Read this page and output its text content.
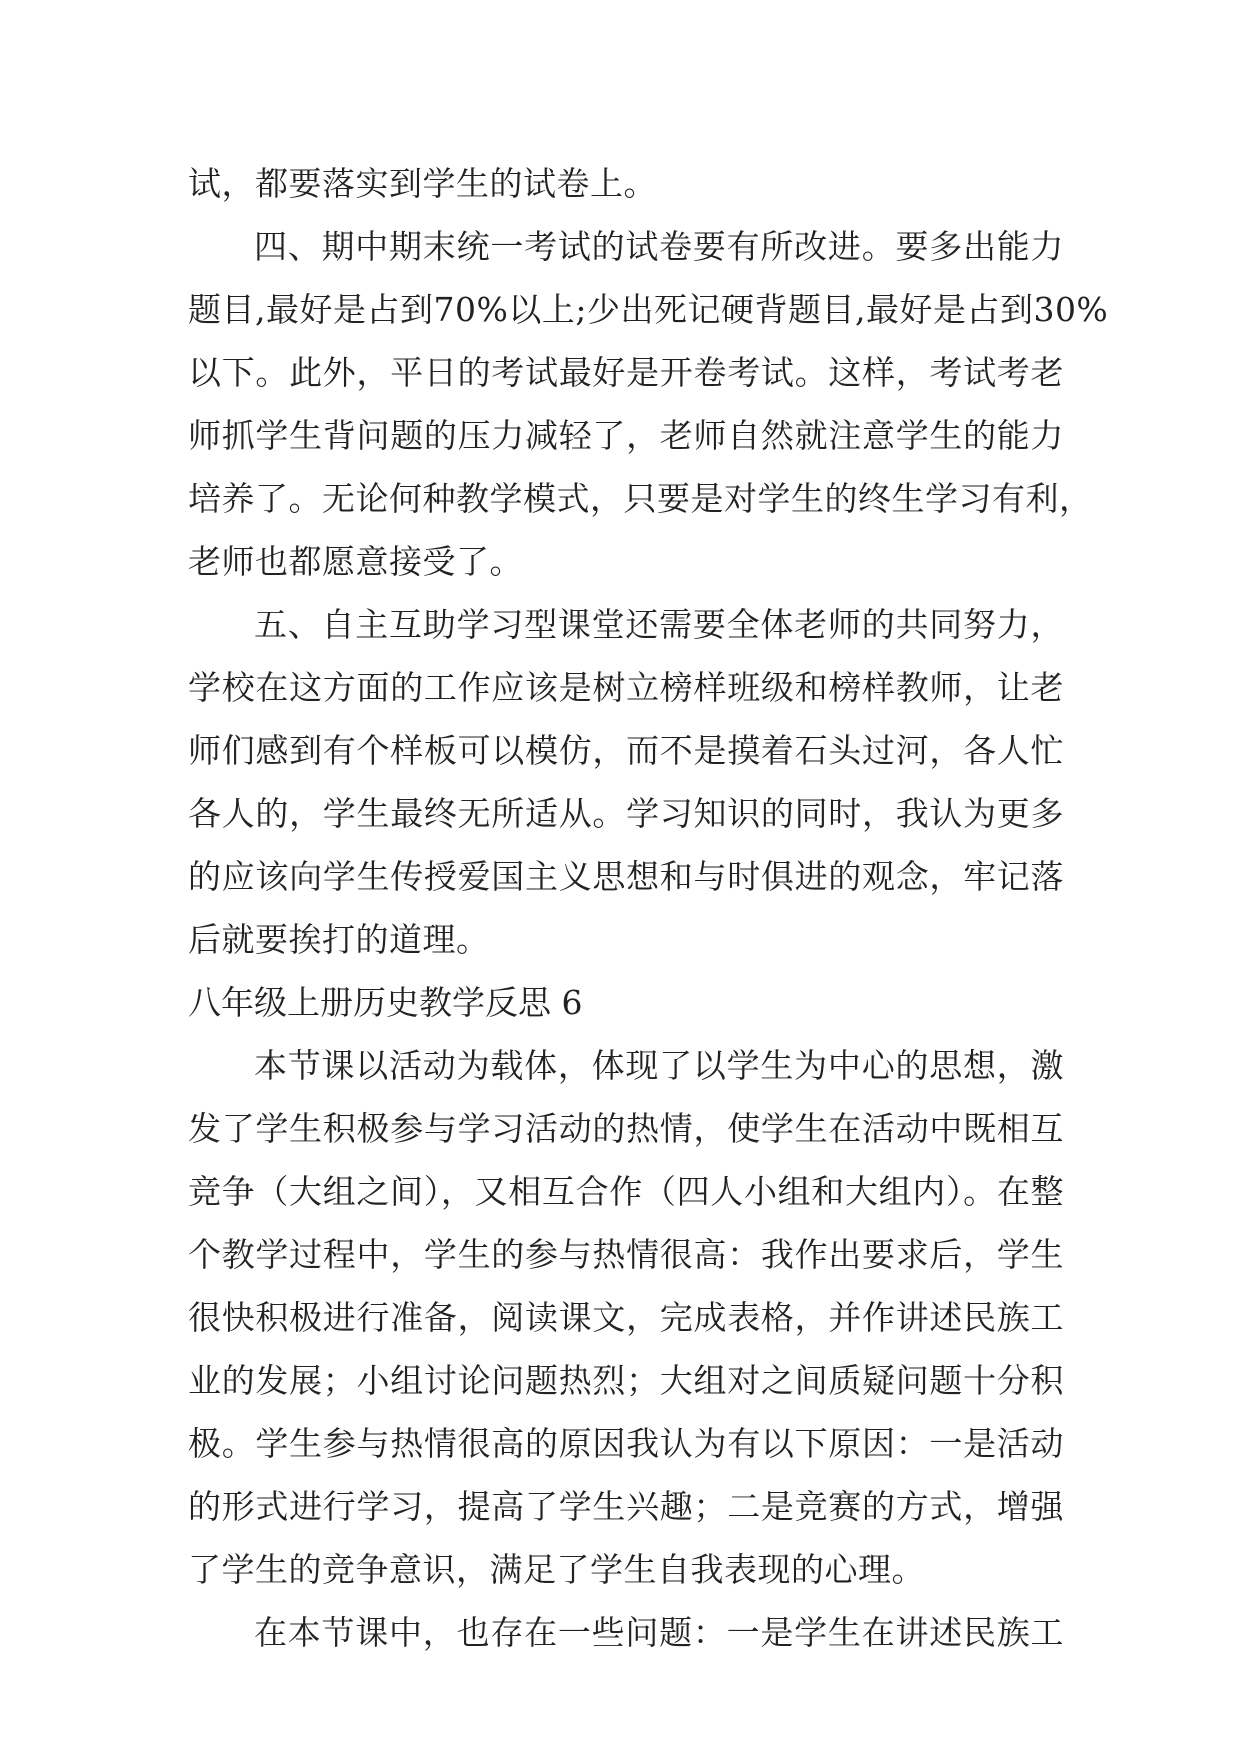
试，都要落实到学生的试卷上。
四、期中期末统一考试的试卷要有所改进。要多出能力
题目,最好是占到70%以上;少出死记硬背题目,最好是占到30%
以下。此外，平日的考试最好是开卷考试。这样，考试考老
师抓学生背问题的压力减轻了，老师自然就注意学生的能力
培养了。无论何种教学模式，只要是对学生的终生学习有利，
老师也都愿意接受了。
五、自主互助学习型课堂还需要全体老师的共同努力，
学校在这方面的工作应该是树立榜样班级和榜样教师，让老
师们感到有个样板可以模仿，而不是摸着石头过河，各人忙
各人的，学生最终无所适从。学习知识的同时，我认为更多
的应该向学生传授爱国主义思想和与时俱进的观念，牢记落
后就要挨打的道理。
八年级上册历史教学反思 6
本节课以活动为载体，体现了以学生为中心的思想，激
发了学生积极参与学习活动的热情，使学生在活动中既相互
竞争（大组之间），又相互合作（四人小组和大组内）。在整
个教学过程中，学生的参与热情很高：我作出要求后，学生
很快积极进行准备，阅读课文，完成表格，并作讲述民族工
业的发展；小组讨论问题热烈；大组对之间质疑问题十分积
极。学生参与热情很高的原因我认为有以下原因：一是活动
的形式进行学习，提高了学生兴趣；二是竞赛的方式，增强
了学生的竞争意识，满足了学生自我表现的心理。
在本节课中，也存在一些问题：一是学生在讲述民族工
